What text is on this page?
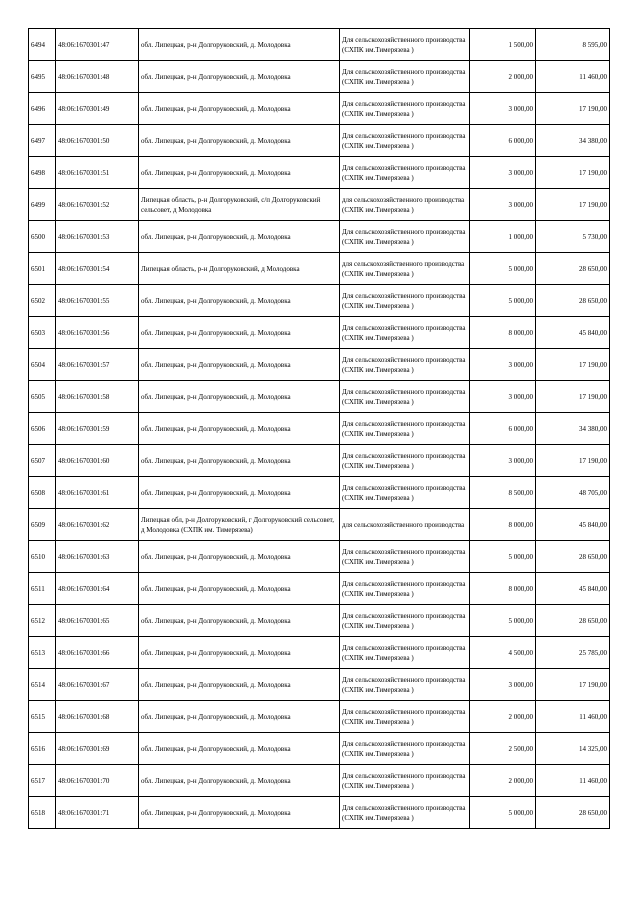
6494	48:06:1670301:47	обл. Липецкая, р-н Долгоруковский, д. Молодовка	Для сельскохозяйственного производства (СХПК им.Тимерязева )	1 500,00	8 595,00
6495	48:06:1670301:48	обл. Липецкая, р-н Долгоруковский, д. Молодовка	Для сельскохозяйственного производства (СХПК им.Тимерязева )	2 000,00	11 460,00
6496	48:06:1670301:49	обл. Липецкая, р-н Долгоруковский, д. Молодовка	Для сельскохозяйственного производства (СХПК им.Тимерязева )	3 000,00	17 190,00
6497	48:06:1670301:50	обл. Липецкая, р-н Долгоруковский, д. Молодовка	Для сельскохозяйственного производства (СХПК им.Тимерязева )	6 000,00	34 380,00
6498	48:06:1670301:51	обл. Липецкая, р-н Долгоруковский, д. Молодовка	Для сельскохозяйственного производства (СХПК им.Тимерязева )	3 000,00	17 190,00
6499	48:06:1670301:52	Липецкая область, р-н Долгоруковский, с/п Долгоруковский сельсовет, д Молодовка	для сельскохозяйственного производства (СХПК им.Тимерязева )	3 000,00	17 190,00
6500	48:06:1670301:53	обл. Липецкая, р-н Долгоруковский, д. Молодовка	Для сельскохозяйственного производства (СХПК им.Тимерязева )	1 000,00	5 730,00
6501	48:06:1670301:54	Липецкая область, р-н Долгоруковский, д Молодовка	для сельскохозяйственного производства (СХПК им.Тимерязева )	5 000,00	28 650,00
6502	48:06:1670301:55	обл. Липецкая, р-н Долгоруковский, д. Молодовка	Для сельскохозяйственного производства (СХПК им.Тимерязева )	5 000,00	28 650,00
6503	48:06:1670301:56	обл. Липецкая, р-н Долгоруковский, д. Молодовка	Для сельскохозяйственного производства (СХПК им.Тимерязева )	8 000,00	45 840,00
6504	48:06:1670301:57	обл. Липецкая, р-н Долгоруковский, д. Молодовка	Для сельскохозяйственного производства (СХПК им.Тимерязева )	3 000,00	17 190,00
6505	48:06:1670301:58	обл. Липецкая, р-н Долгоруковский, д. Молодовка	Для сельскохозяйственного производства (СХПК им.Тимерязева )	3 000,00	17 190,00
6506	48:06:1670301:59	обл. Липецкая, р-н Долгоруковский, д. Молодовка	Для сельскохозяйственного производства (СХПК им.Тимерязева )	6 000,00	34 380,00
6507	48:06:1670301:60	обл. Липецкая, р-н Долгоруковский, д. Молодовка	Для сельскохозяйственного производства (СХПК им.Тимерязева )	3 000,00	17 190,00
6508	48:06:1670301:61	обл. Липецкая, р-н Долгоруковский, д. Молодовка	Для сельскохозяйственного производства (СХПК им.Тимерязева )	8 500,00	48 705,00
6509	48:06:1670301:62	Липецкая обл, р-н Долгоруковский, г Долгоруковский сельсовет, д Молодовка (СХПК им. Тимерязева)	для сельскохозяйственного производства	8 000,00	45 840,00
6510	48:06:1670301:63	обл. Липецкая, р-н Долгоруковский, д. Молодовка	Для сельскохозяйственного производства (СХПК им.Тимерязева )	5 000,00	28 650,00
6511	48:06:1670301:64	обл. Липецкая, р-н Долгоруковский, д. Молодовка	Для сельскохозяйственного производства (СХПК им.Тимерязева )	8 000,00	45 840,00
6512	48:06:1670301:65	обл. Липецкая, р-н Долгоруковский, д. Молодовка	Для сельскохозяйственного производства (СХПК им.Тимерязева )	5 000,00	28 650,00
6513	48:06:1670301:66	обл. Липецкая, р-н Долгоруковский, д. Молодовка	Для сельскохозяйственного производства (СХПК им.Тимерязева )	4 500,00	25 785,00
6514	48:06:1670301:67	обл. Липецкая, р-н Долгоруковский, д. Молодовка	Для сельскохозяйственного производства (СХПК им.Тимерязева )	3 000,00	17 190,00
6515	48:06:1670301:68	обл. Липецкая, р-н Долгоруковский, д. Молодовка	Для сельскохозяйственного производства (СХПК им.Тимерязева )	2 000,00	11 460,00
6516	48:06:1670301:69	обл. Липецкая, р-н Долгоруковский, д. Молодовка	Для сельскохозяйственного производства (СХПК им.Тимерязева )	2 500,00	14 325,00
6517	48:06:1670301:70	обл. Липецкая, р-н Долгоруковский, д. Молодовка	Для сельскохозяйственного производства (СХПК им.Тимерязева )	2 000,00	11 460,00
6518	48:06:1670301:71	обл. Липецкая, р-н Долгоруковский, д. Молодовка	Для сельскохозяйственного производства (СХПК им.Тимерязева )	5 000,00	28 650,00
